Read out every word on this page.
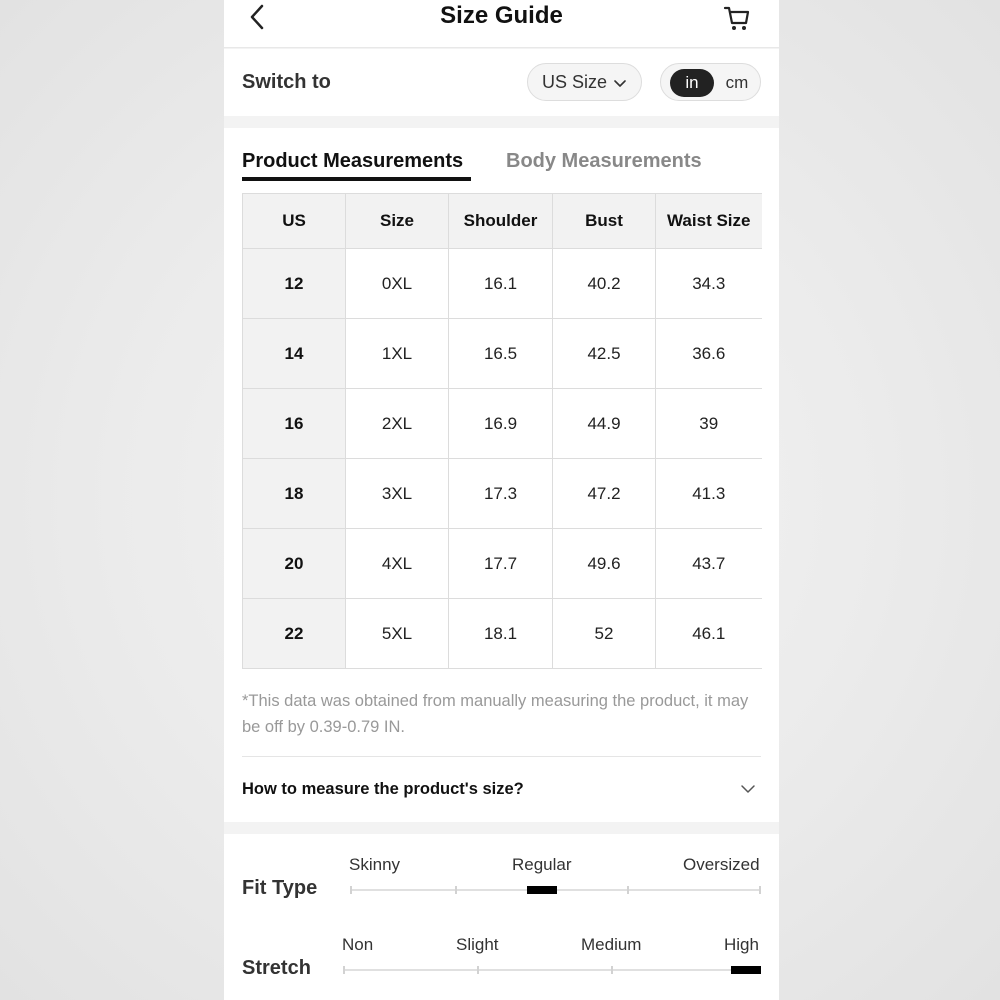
Size Guide
Switch to	US Size	in	cm
Product Measurements Body Measurements
US	Size	Shoulder	Bust	Waist Size
12	0XL	16.1	40.2	34.3
14	1XL	16.5	42.5	36.6
16	2XL	16.9	44.9	39
18	3XL	17.3	47.2	41.3
20	4XL	17.7	49.6	43.7
22	5XL	18.1	52	46.1
*This data was obtained from manually measuring the product, it may be off by 0.39-0.79 IN.
How to measure the product's size?
Fit Type
Skinny	Regular	Oversized
Stretch
Non	Slight	Medium	High
